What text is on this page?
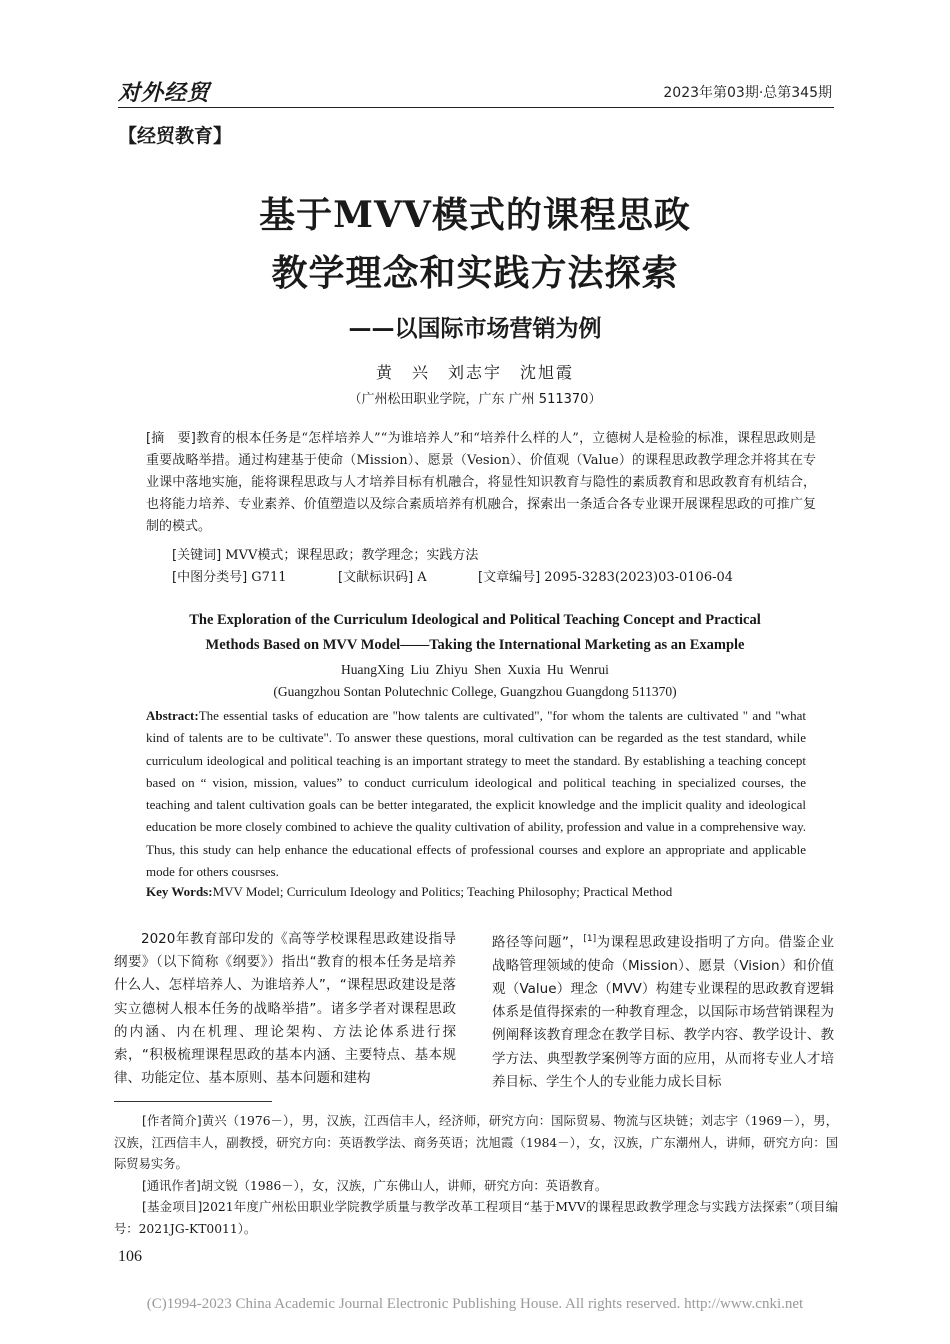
对外经贸	2023年第03期·总第345期
【经贸教育】
基于MVV模式的课程思政
教学理念和实践方法探索
——以国际市场营销为例
黄　兴　刘志宇　沈旭霞
（广州松田职业学院，广东 广州 511370）
[摘　要]教育的根本任务是“怎样培养人”“为谁培养人”和“培养什么样的人”，立德树人是检验的标准，课程思政则是重要战略举措。通过构建基于使命（Mission）、愿景（Vesion）、价值观（Value）的课程思政教学理念并将其在专业课中落地实施，能将课程思政与人才培养目标有机融合，将显性知识教育与隐性的素质教育和思政教育有机结合，也将能力培养、专业素养、价值塑造以及综合素质培养有机融合，探索出一条适合各专业课开展课程思政的可推广复制的模式。
[关键词] MVV模式；课程思政；教学理念；实践方法
[中图分类号] G711	[文献标识码] A	[文章编号] 2095-3283(2023)03-0106-04
The Exploration of the Curriculum Ideological and Political Teaching Concept and Practical
Methods Based on MVV Model——Taking the International Marketing as an Example
HuangXing Liu Zhiyu Shen Xuxia Hu Wenrui
(Guangzhou Sontan Polutechnic College, Guangzhou Guangdong 511370)
Abstract:The essential tasks of education are "how talents are cultivated", "for whom the talents are cultivated " and "what kind of talents are to be cultivate". To answer these questions, moral cultivation can be regarded as the test standard, while curriculum ideological and political teaching is an important strategy to meet the standard. By establishing a teaching concept based on “ vision, mission, values” to conduct curriculum ideological and political teaching in specialized courses, the teaching and talent cultivation goals can be better integarated, the explicit knowledge and the implicit quality and ideological education be more closely combined to achieve the quality cultivation of ability, profession and value in a comprehensive way. Thus, this study can help enhance the educational effects of professional courses and explore an appropriate and applicable mode for others cousrses.
Key Words:MVV Model; Curriculum Ideology and Politics; Teaching Philosophy; Practical Method
2020年教育部印发的《高等学校课程思政建设指导纲要》（以下简称《纲要》）指出“教育的根本任务是培养什么人、怎样培养人、为谁培养人”，“课程思政建设是落实立德树人根本任务的战略举措”。诸多学者对课程思政的内涵、内在机理、理论架构、方法论体系进行探索，“积极梳理课程思政的基本内涵、主要特点、基本规律、功能定位、基本原则、基本问题和建构
路径等问题”，[1]为课程思政建设指明了方向。借鉴企业战略管理领域的使命（Mission）、愿景（Vision）和价值观（Value）理念（MVV）构建专业课程的思政教育逻辑体系是值得探索的一种教育理念，以国际市场营销课程为例阐释该教育理念在教学目标、教学内容、教学设计、教学方法、典型教学案例等方面的应用，从而将专业人才培养目标、学生个人的专业能力成长目标
[作者简介]黄兴（1976－），男，汉族，江西信丰人，经济师，研究方向：国际贸易、物流与区块链；刘志宇（1969－），男，汉族，江西信丰人，副教授，研究方向：英语教学法、商务英语；沈旭霞（1984－），女，汉族，广东潮州人，讲师，研究方向：国际贸易实务。
[通讯作者]胡文锐（1986－），女，汉族，广东佛山人，讲师，研究方向：英语教育。
[基金项目]2021年度广州松田职业学院教学质量与教学改革工程项目“基于MVV的课程思政教学理念与实践方法探索”（项目编号：2021JG-KT0011）。
106
(C)1994-2023 China Academic Journal Electronic Publishing House. All rights reserved. http://www.cnki.net
